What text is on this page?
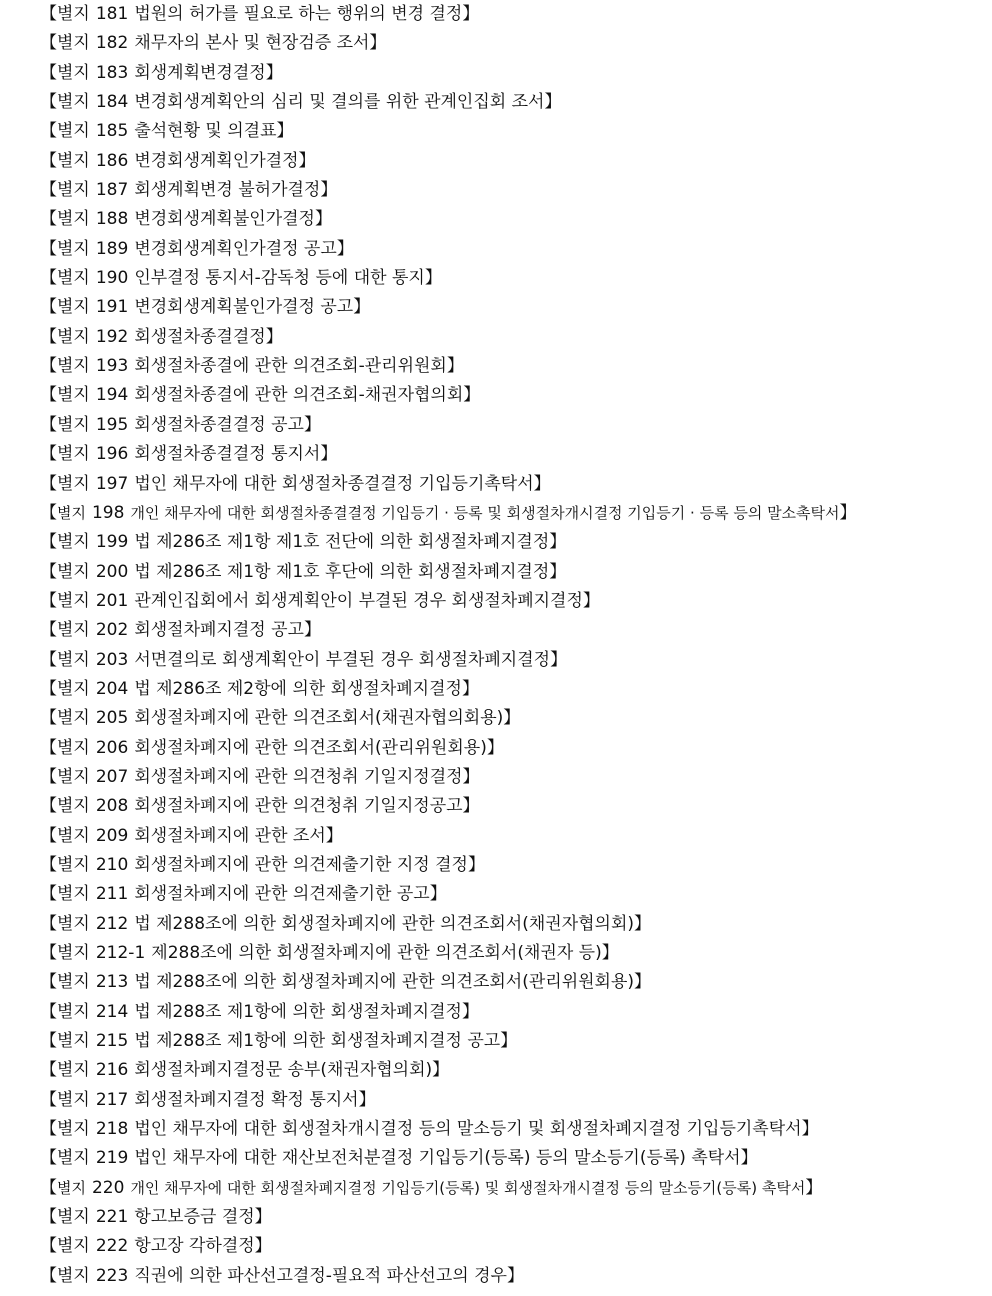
【별지 181 법원의 허가를 필요로 하는 행위의 변경 결정】
【별지 182 채무자의 본사 및 현장검증 조서】
【별지 183 회생계획변경결정】
【별지 184 변경회생계획안의 심리 및 결의를 위한 관계인집회 조서】
【별지 185 출석현황 및 의결표】
【별지 186 변경회생계획인가결정】
【별지 187 회생계획변경 불허가결정】
【별지 188 변경회생계획불인가결정】
【별지 189 변경회생계획인가결정 공고】
【별지 190 인부결정 통지서-감독청 등에 대한 통지】
【별지 191 변경회생계획불인가결정 공고】
【별지 192 회생절차종결결정】
【별지 193 회생절차종결에 관한 의견조회-관리위원회】
【별지 194 회생절차종결에 관한 의견조회-채권자협의회】
【별지 195 회생절차종결결정 공고】
【별지 196 회생절차종결결정 통지서】
【별지 197 법인 채무자에 대한 회생절차종결결정 기입등기촉탁서】
【별지 198 개인 채무자에 대한 회생절차종결결정 기입등기 · 등록 및 회생절차개시결정 기입등기 · 등록 등의 말소촉탁서】
【별지 199 법 제286조 제1항 제1호 전단에 의한 회생절차폐지결정】
【별지 200 법 제286조 제1항 제1호 후단에 의한 회생절차폐지결정】
【별지 201 관계인집회에서 회생계획안이 부결된 경우 회생절차폐지결정】
【별지 202 회생절차폐지결정 공고】
【별지 203 서면결의로 회생계획안이 부결된 경우 회생절차폐지결정】
【별지 204 법 제286조 제2항에 의한 회생절차폐지결정】
【별지 205 회생절차폐지에 관한 의견조회서(채권자협의회용)】
【별지 206 회생절차폐지에 관한 의견조회서(관리위원회용)】
【별지 207 회생절차폐지에 관한 의견청취 기일지정결정】
【별지 208 회생절차폐지에 관한 의견청취 기일지정공고】
【별지 209 회생절차폐지에 관한 조서】
【별지 210 회생절차폐지에 관한 의견제출기한 지정 결정】
【별지 211 회생절차폐지에 관한 의견제출기한 공고】
【별지 212 법 제288조에 의한 회생절차폐지에 관한 의견조회서(채권자협의회)】
【별지 212-1 제288조에 의한 회생절차폐지에 관한 의견조회서(채권자 등)】
【별지 213 법 제288조에 의한 회생절차폐지에 관한 의견조회서(관리위원회용)】
【별지 214 법 제288조 제1항에 의한 회생절차폐지결정】
【별지 215 법 제288조 제1항에 의한 회생절차폐지결정 공고】
【별지 216 회생절차폐지결정문 송부(채권자협의회)】
【별지 217 회생절차폐지결정 확정 통지서】
【별지 218 법인 채무자에 대한 회생절차개시결정 등의 말소등기 및 회생절차폐지결정 기입등기촉탁서】
【별지 219 법인 채무자에 대한 재산보전처분결정 기입등기(등록) 등의 말소등기(등록) 촉탁서】
【별지 220 개인 채무자에 대한 회생절차폐지결정 기입등기(등록) 및 회생절차개시결정 등의 말소등기(등록) 촉탁서】
【별지 221 항고보증금 결정】
【별지 222 항고장 각하결정】
【별지 223 직권에 의한 파산선고결정-필요적 파산선고의 경우】
